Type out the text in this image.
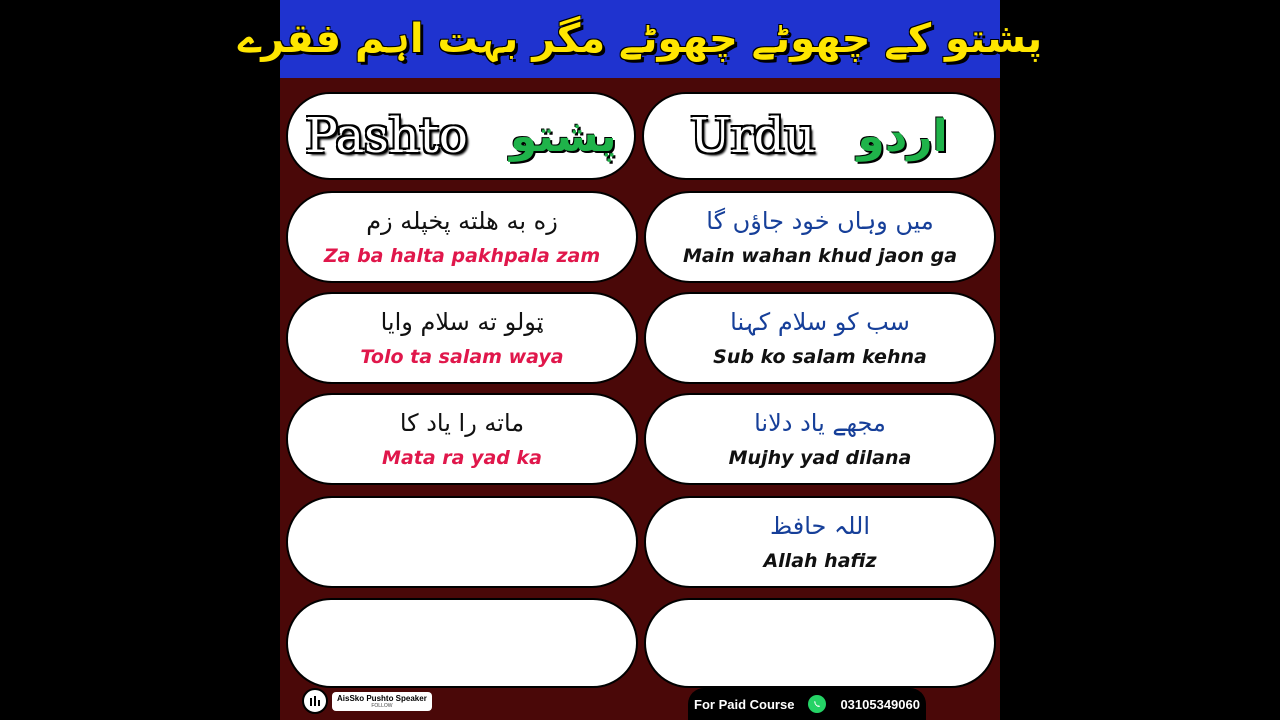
پشتو کے چھوٹے چھوٹے مگر بہت اہم فقرے
Pashto پشتو Urdu اردو
زه به هلته پخپله زم
Za ba halta pakhpala zam
میں وہاں خود جاؤں گا
Main wahan khud jaon ga
ټولو ته سلام وایا
Tolo ta salam waya
سب کو سلام کہنا
Sub ko salam kehna
ماته را یاد کا
Mata ra yad ka
مجھے یاد دلانا
Mujhy yad dilana
اللہ حافظ
Allah hafiz
AisSko Pushto Speaker
FOLLOW	For Paid Course	03105349060
